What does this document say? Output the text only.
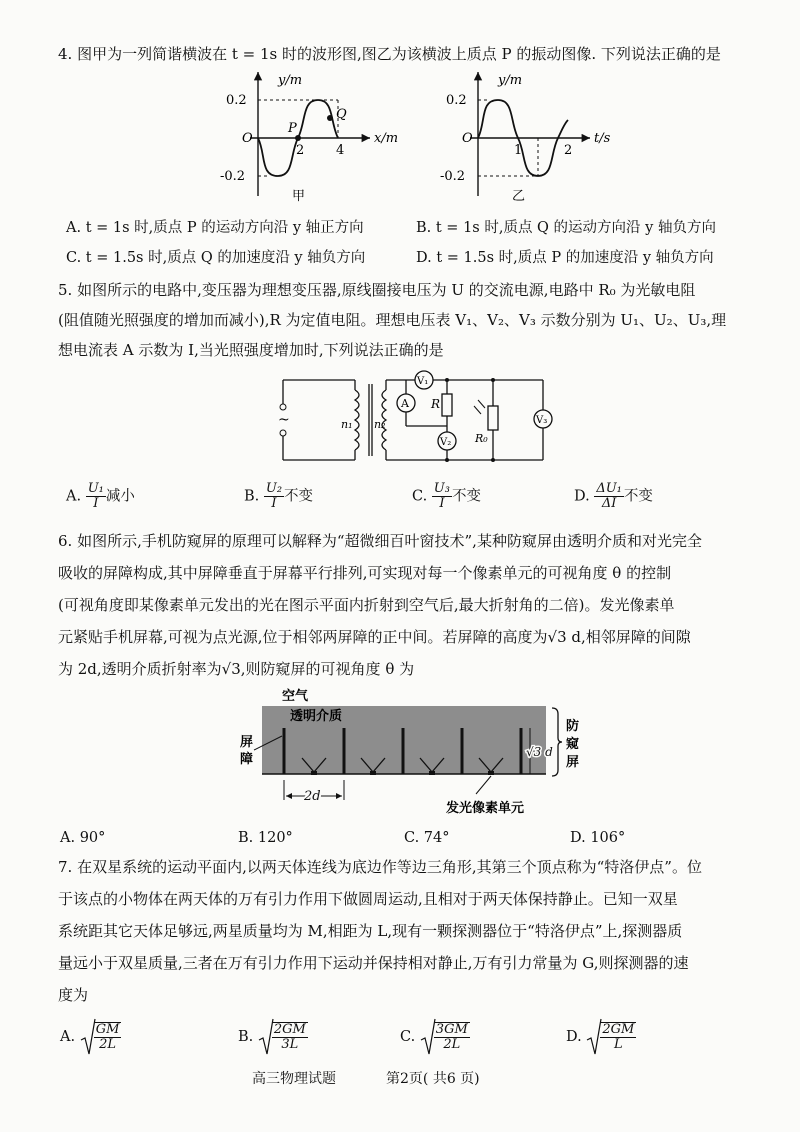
4. 图甲为一列简谐横波在 t = 1s 时的波形图,图乙为该横波上质点 P 的振动图像. 下列说法正确的是
y/m
x/m
0.2
-0.2
O
2 4
P
Q
甲
y/m
t/s
0.2
-0.2
O
1	2
乙
A. t = 1s 时,质点 P 的运动方向沿 y 轴正方向	B. t = 1s 时,质点 Q 的运动方向沿 y 轴负方向
C. t = 1.5s 时,质点 Q 的加速度沿 y 轴负方向	D. t = 1.5s 时,质点 P 的加速度沿 y 轴负方向
5. 如图所示的电路中,变压器为理想变压器,原线圈接电压为 U 的交流电源,电路中 R₀ 为光敏电阻
(阻值随光照强度的增加而减小),R 为定值电阻。理想电压表 V₁、V₂、V₃ 示数分别为 U₁、U₂、U₃,理
想电流表 A 示数为 I,当光照强度增加时,下列说法正确的是
~	n₁ n₂
A
V₁
R
V₂ R₀
V₃
A. $\frac{\text{U₁}}{I}$ 减小	B. $\frac{\text{U₂}}{I}$ 不变	C. $\frac{\text{U₃}}{I}$ 不变	D. $\frac{\text{ΔU₁}}{\Delta I}$ 不变
6. 如图所示,手机防窥屏的原理可以解释为“超微细百叶窗技术”,某种防窥屏由透明介质和对光完全
吸收的屏障构成,其中屏障垂直于屏幕平行排列,可实现对每一个像素单元的可视角度 θ 的控制
(可视角度即某像素单元发出的光在图示平面内折射到空气后,最大折射角的二倍)。发光像素单
元紧贴手机屏幕,可视为点光源,位于相邻两屏障的正中间。若屏障的高度为√3 d,相邻屏障的间隙
为 2d,透明介质折射率为√3,则防窥屏的可视角度 θ 为
空气
透明介质
屏
障
2d
√3 d
防
窥
屏
发光像素单元
A. 90°	B. 120°	C. 74°	D. 106°
7. 在双星系统的运动平面内,以两天体连线为底边作等边三角形,其第三个顶点称为“特洛伊点”。位
于该点的小物体在两天体的万有引力作用下做圆周运动,且相对于两天体保持静止。已知一双星
系统距其它天体足够远,两星质量均为 M,相距为 L,现有一颗探测器位于“特洛伊点”上,探测器质
量远小于双星质量,三者在万有引力作用下运动并保持相对静止,万有引力常量为 G,则探测器的速
度为
A. $\frac{GM}{2L}$	B. $\frac{2GM}{3L}$	C. $\frac{3GM}{2L}$	D. $\frac{2GM}{L}$
高三物理试题	第2页( 共6 页)
